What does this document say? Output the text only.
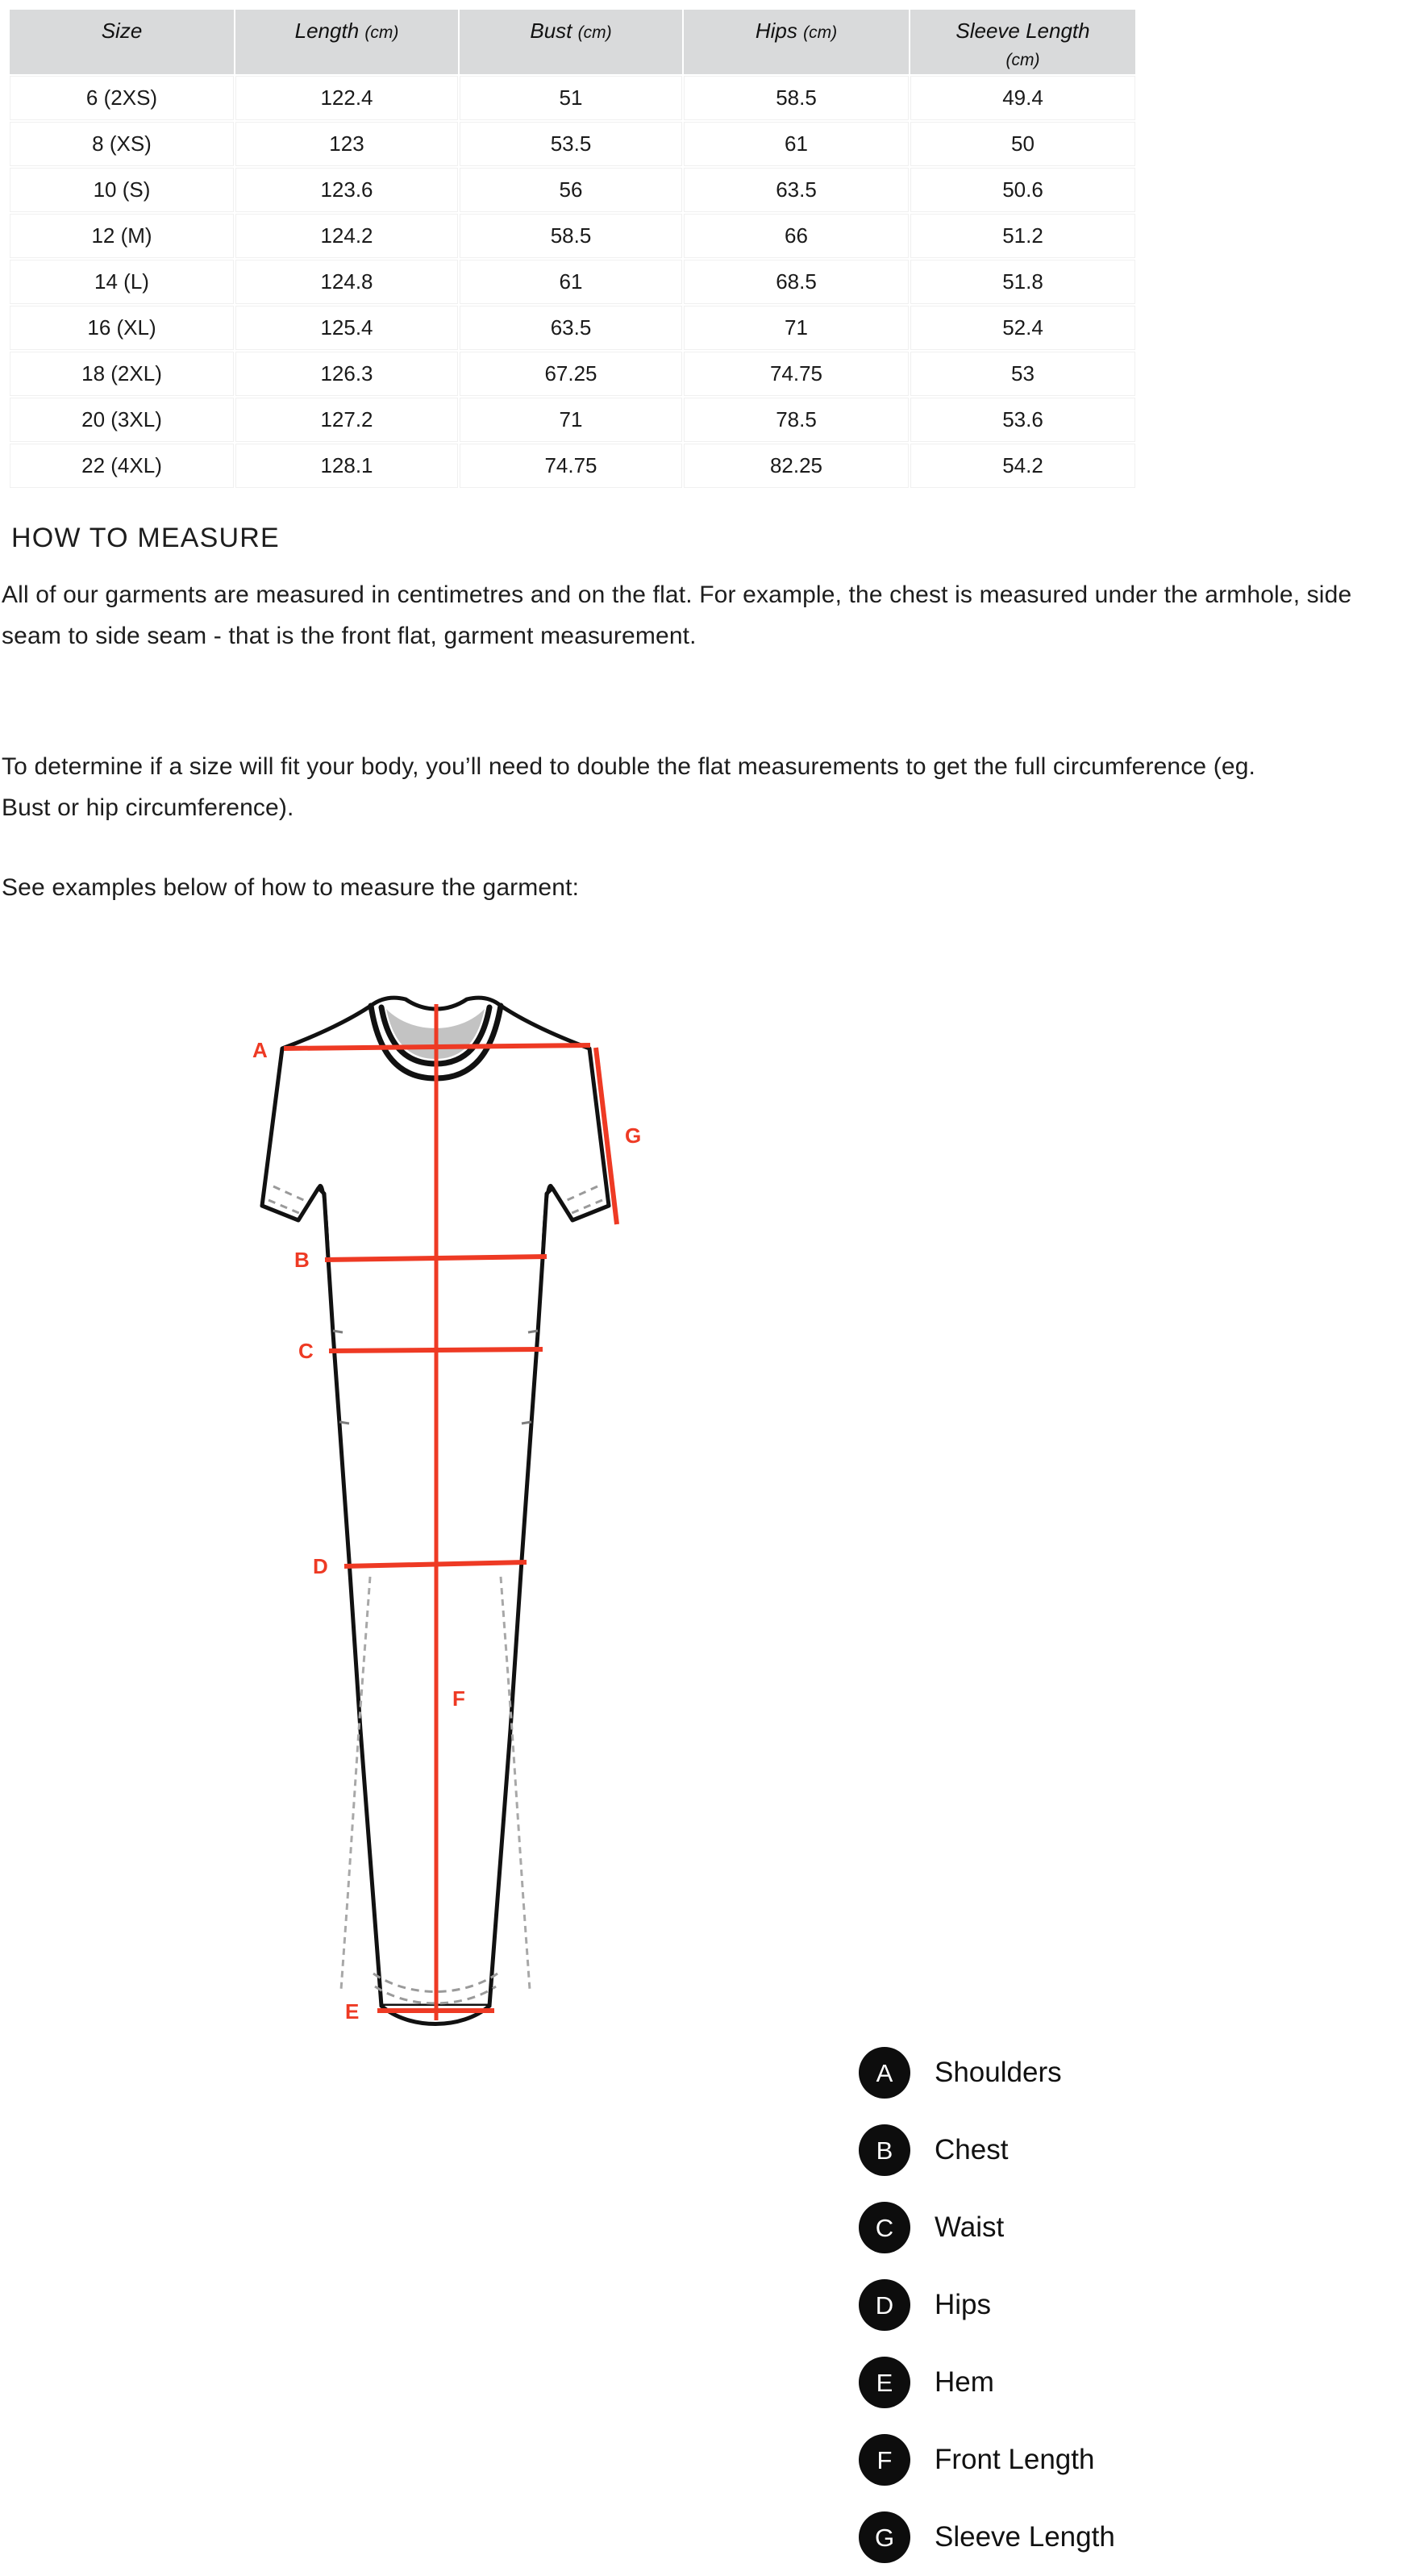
Size	Length (cm)	Bust (cm)	Hips (cm)	Sleeve Length
(cm)

6 (2XS)	122.4	51	58.5	49.4
8 (XS)	123	53.5	61	50
10 (S)	123.6	56	63.5	50.6
12 (M)	124.2	58.5	66	51.2
14 (L)	124.8	61	68.5	51.8
16 (XL)	125.4	63.5	71	52.4
18 (2XL)	126.3	67.25	74.75	53
20 (3XL)	127.2	71	78.5	53.6
22 (4XL)	128.1	74.75	82.25	54.2
HOW TO MEASURE
All of our garments are measured in centimetres and on the flat. For example, the chest is measured under the armhole, side seam to side seam - that is the front flat, garment measurement.
To determine if a size will fit your body, you’ll need to double the flat measurements to get the full circumference (eg. Bust or hip circumference).
See examples below of how to measure the garment:
A
B
C
D
E
F
G
A	Shoulders
B	Chest
C	Waist
D	Hips
E	Hem
F	Front Length
G	Sleeve Length
